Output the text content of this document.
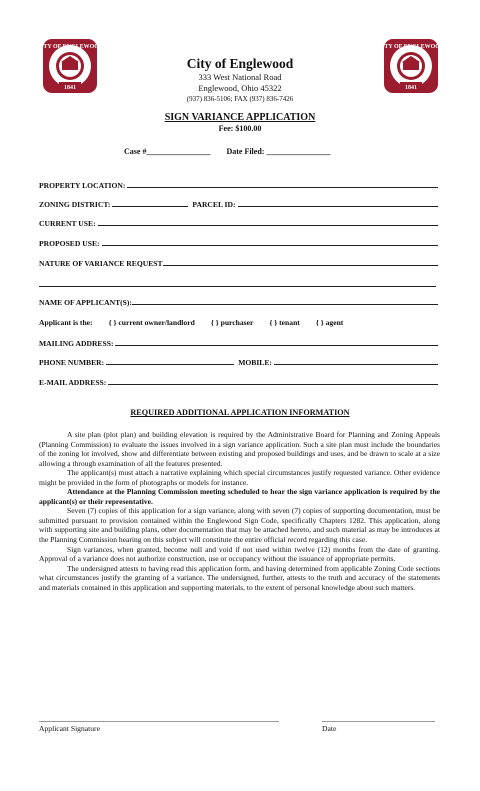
CITY OF ENGLEWOOD
1841
CITY OF ENGLEWOOD
1841
City of Englewood
333 West National Road
Englewood, Ohio 45322
(937) 836-5106; FAX (937) 836-7426
SIGN VARIANCE APPLICATION
Fee: $100.00
Case #________________ Date Filed: ________________
PROPERTY LOCATION:
ZONING DISTRICT:	PARCEL ID:
CURRENT USE:
PROPOSED USE:
NATURE OF VARIANCE REQUEST
NAME OF APPLICANT(S):
Applicant is the: { } current owner/landlord { } purchaser { } tenant { } agent
MAILING ADDRESS:
PHONE NUMBER:	MOBILE:
E-MAIL ADDRESS:
REQUIRED ADDITIONAL APPLICATION INFORMATION

A site plan (plot plan) and building elevation is required by the Administrative Board for Planning and Zoning Appeals (Planning Commission) to evaluate the issues involved in a sign variance application. Such a site plan must include the boundaries of the zoning lot involved, show and differentiate between existing and proposed buildings and uses, and be drawn to scale at a size allowing a through examination of all the features presented.

The applicant(s) must attach a narrative explaining which special circumstances justify requested variance. Other evidence might be provided in the form of photographs or models for instance.

Attendance at the Planning Commission meeting scheduled to hear the sign variance application is required by the applicant(s) or their representative.

Seven (7) copies of this application for a sign variance, along with seven (7) copies of supporting documentation, must be submitted pursuant to provision contained within the Englewood Sign Code, specifically Chapters 1282. This application, along with supporting site and building plans, other documentation that may be attached hereto, and such material as may be introduces at the Planning Commission hearing on this subject will constitute the entire official record regarding this case.

Sign variances, when granted, become null and void if not used within twelve (12) months from the date of granting. Approval of a variance does not authorize construction, use or occupancy without the issuance of appropriate permits.

The undersigned attests to having read this application form, and having determined from applicable Zoning Code sections what circumstances justify the granting of a variance. The undersigned, further, attests to the truth and accuracy of the statements and materials contained in this application and supporting materials, to the extent of personal knowledge about such matters.

Applicant Signature	Date
